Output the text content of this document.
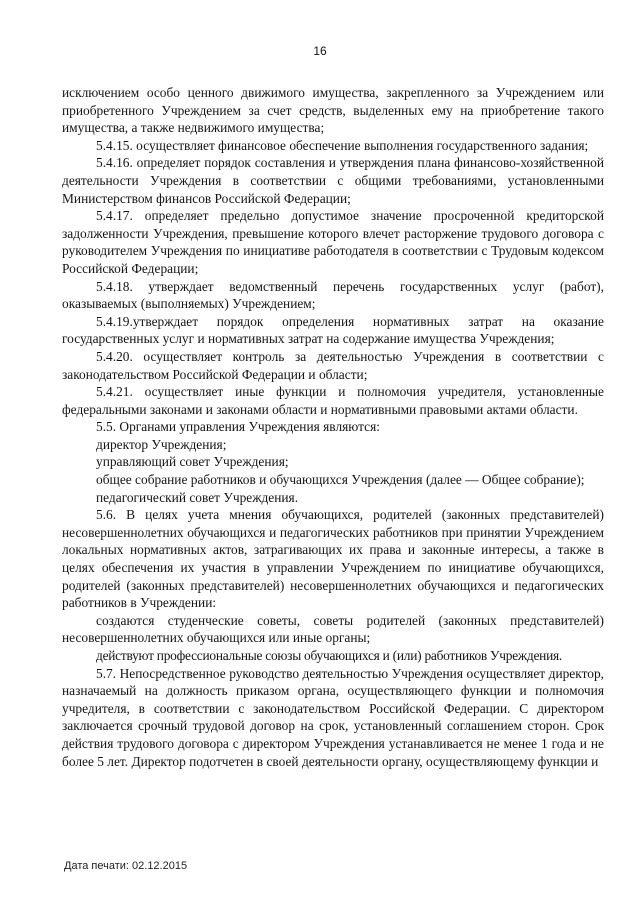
16

исключением особо ценного движимого имущества, закрепленного за Учреждением или приобретенного Учреждением за счет средств, выделенных ему на приобретение такого имущества, а также недвижимого имущества;

5.4.15. осуществляет финансовое обеспечение выполнения государственного задания;

5.4.16. определяет порядок составления и утверждения плана финансово-хозяйственной деятельности Учреждения в соответствии с общими требованиями, установленными Министерством финансов Российской Федерации;

5.4.17. определяет предельно допустимое значение просроченной кредиторской задолженности Учреждения, превышение которого влечет расторжение трудового договора с руководителем Учреждения по инициативе работодателя в соответствии с Трудовым кодексом Российской Федерации;

5.4.18. утверждает ведомственный перечень государственных услуг (работ), оказываемых (выполняемых) Учреждением;

5.4.19.утверждает порядок определения нормативных затрат на оказание государственных услуг и нормативных затрат на содержание имущества Учреждения;

5.4.20. осуществляет контроль за деятельностью Учреждения в соответствии с законодательством Российской Федерации и области;

5.4.21. осуществляет иные функции и полномочия учредителя, установленные федеральными законами и законами области и нормативными правовыми актами области.

5.5. Органами управления Учреждения являются:

директор Учреждения;

управляющий совет Учреждения;

общее собрание работников и обучающихся Учреждения (далее — Общее собрание);

педагогический совет Учреждения.

5.6. В целях учета мнения обучающихся, родителей (законных представителей) несовершеннолетних обучающихся и педагогических работников при принятии Учреждением локальных нормативных актов, затрагивающих их права и законные интересы, а также в целях обеспечения их участия в управлении Учреждением по инициативе обучающихся, родителей (законных представителей) несовершеннолетних обучающихся и педагогических работников в Учреждении:

создаются студенческие советы, советы родителей (законных представителей) несовершеннолетних обучающихся или иные органы;

действуют профессиональные союзы обучающихся и (или) работников Учреждения.

5.7. Непосредственное руководство деятельностью Учреждения осуществляет директор, назначаемый на должность приказом органа, осуществляющего функции и полномочия учредителя, в соответствии с законодательством Российской Федерации. С директором заключается срочный трудовой договор на срок, установленный соглашением сторон. Срок действия трудового договора с директором Учреждения устанавливается не менее 1 года и не более 5 лет. Директор подотчетен в своей деятельности органу, осуществляющему функции и

Дата печати: 02.12.2015
